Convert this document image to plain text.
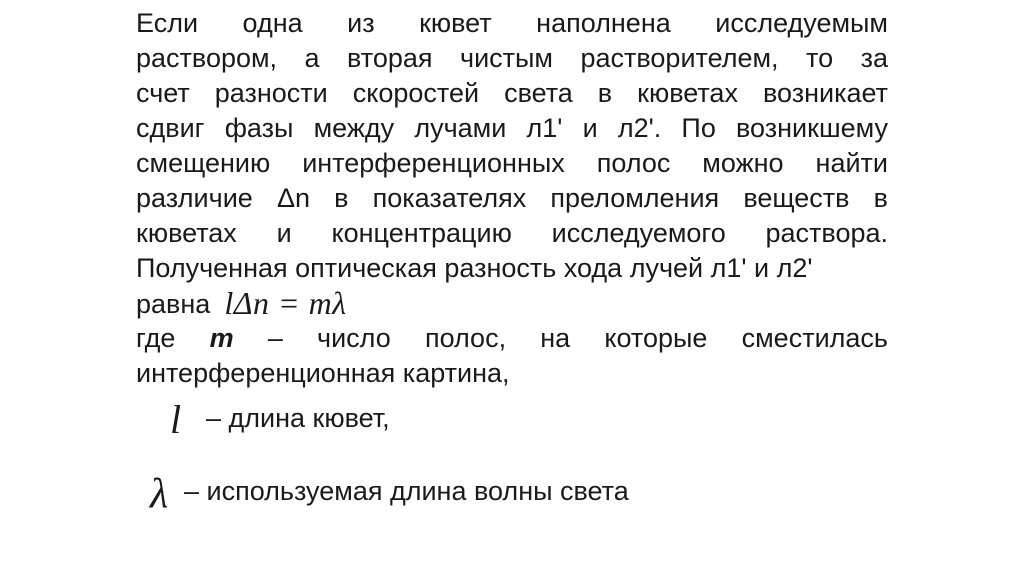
Если одна из кювет наполнена исследуемым
раствором, а вторая чистым растворителем, то за
счет разности скоростей света в кюветах возникает
сдвиг фазы между лучами л1' и л2'. По возникшему
смещению интерференционных полос можно найти
различие Δn в показателях преломления веществ в
кюветах и концентрацию исследуемого раствора.
Полученная оптическая разность хода лучей л1' и л2'
равна lΔn = mλ
где m – число полос, на которые сместилась
интерференционная картина,
l – длина кювет,
λ – используемая длина волны света
